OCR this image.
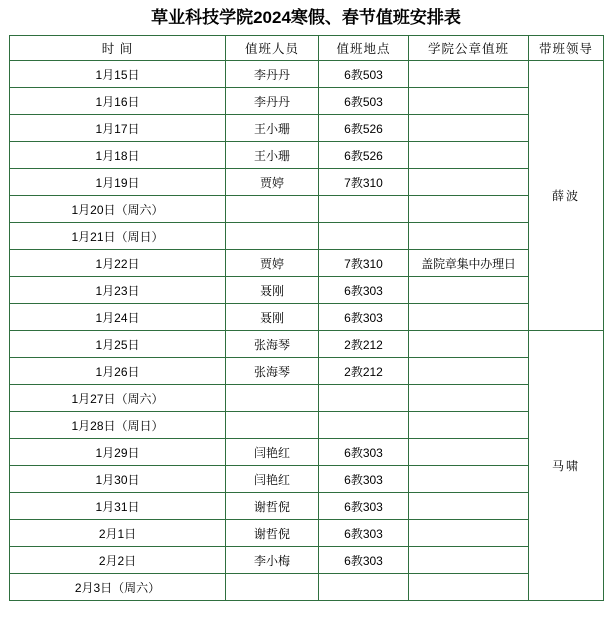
草业科技学院2024寒假、春节值班安排表
时 间	值班人员	值班地点	学院公章值班	带班领导
1月15日	李丹丹	6教503		薛波
1月16日	李丹丹	6教503		
1月17日	王小珊	6教526		
1月18日	王小珊	6教526		
1月19日	贾婷	7教310		
1月20日（周六）				
1月21日（周日）				
1月22日	贾婷	7教310	盖院章集中办理日	
1月23日	聂刚	6教303		
1月24日	聂刚	6教303		
1月25日	张海琴	2教212		马啸
1月26日	张海琴	2教212		
1月27日（周六）				
1月28日（周日）				
1月29日	闫艳红	6教303		
1月30日	闫艳红	6教303		
1月31日	谢哲倪	6教303		
2月1日	谢哲倪	6教303		
2月2日	李小梅	6教303		
2月3日（周六）				
